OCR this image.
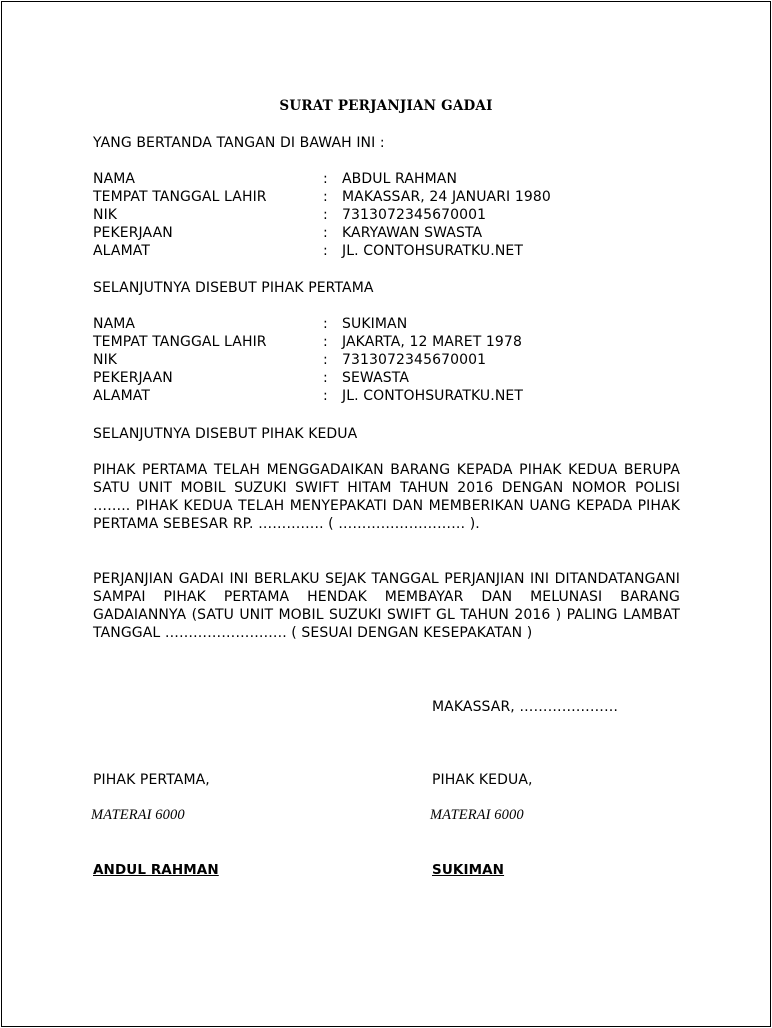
SURAT PERJANJIAN GADAI
YANG BERTANDA TANGAN DI BAWAH INI :
NAMA	: ABDUL RAHMAN
TEMPAT TANGGAL LAHIR	: MAKASSAR, 24 JANUARI 1980
NIK	: 7313072345670001
PEKERJAAN	: KARYAWAN SWASTA
ALAMAT	: JL. CONTOHSURATKU.NET
SELANJUTNYA DISEBUT PIHAK PERTAMA
NAMA	: SUKIMAN
TEMPAT TANGGAL LAHIR	: JAKARTA, 12 MARET 1978
NIK	: 7313072345670001
PEKERJAAN	: SEWASTA
ALAMAT	: JL. CONTOHSURATKU.NET
SELANJUTNYA DISEBUT PIHAK KEDUA
PIHAK PERTAMA TELAH MENGGADAIKAN BARANG KEPADA PIHAK KEDUA BERUPA SATU UNIT MOBIL SUZUKI SWIFT HITAM TAHUN 2016 DENGAN NOMOR POLISI …….. PIHAK KEDUA TELAH MENYEPAKATI DAN MEMBERIKAN UANG KEPADA PIHAK PERTAMA SEBESAR RP. ………….. ( ……………………… ).
PERJANJIAN GADAI INI BERLAKU SEJAK TANGGAL PERJANJIAN INI DITANDATANGANI SAMPAI PIHAK PERTAMA HENDAK MEMBAYAR DAN MELUNASI BARANG GADAIANNYA (SATU UNIT MOBIL SUZUKI SWIFT GL TAHUN 2016 ) PALING LAMBAT TANGGAL …………………….. ( SESUAI DENGAN KESEPAKATAN )
MAKASSAR, …………………
PIHAK PERTAMA,	PIHAK KEDUA,
MATERAI 6000	MATERAI 6000
ANDUL RAHMAN	SUKIMAN
